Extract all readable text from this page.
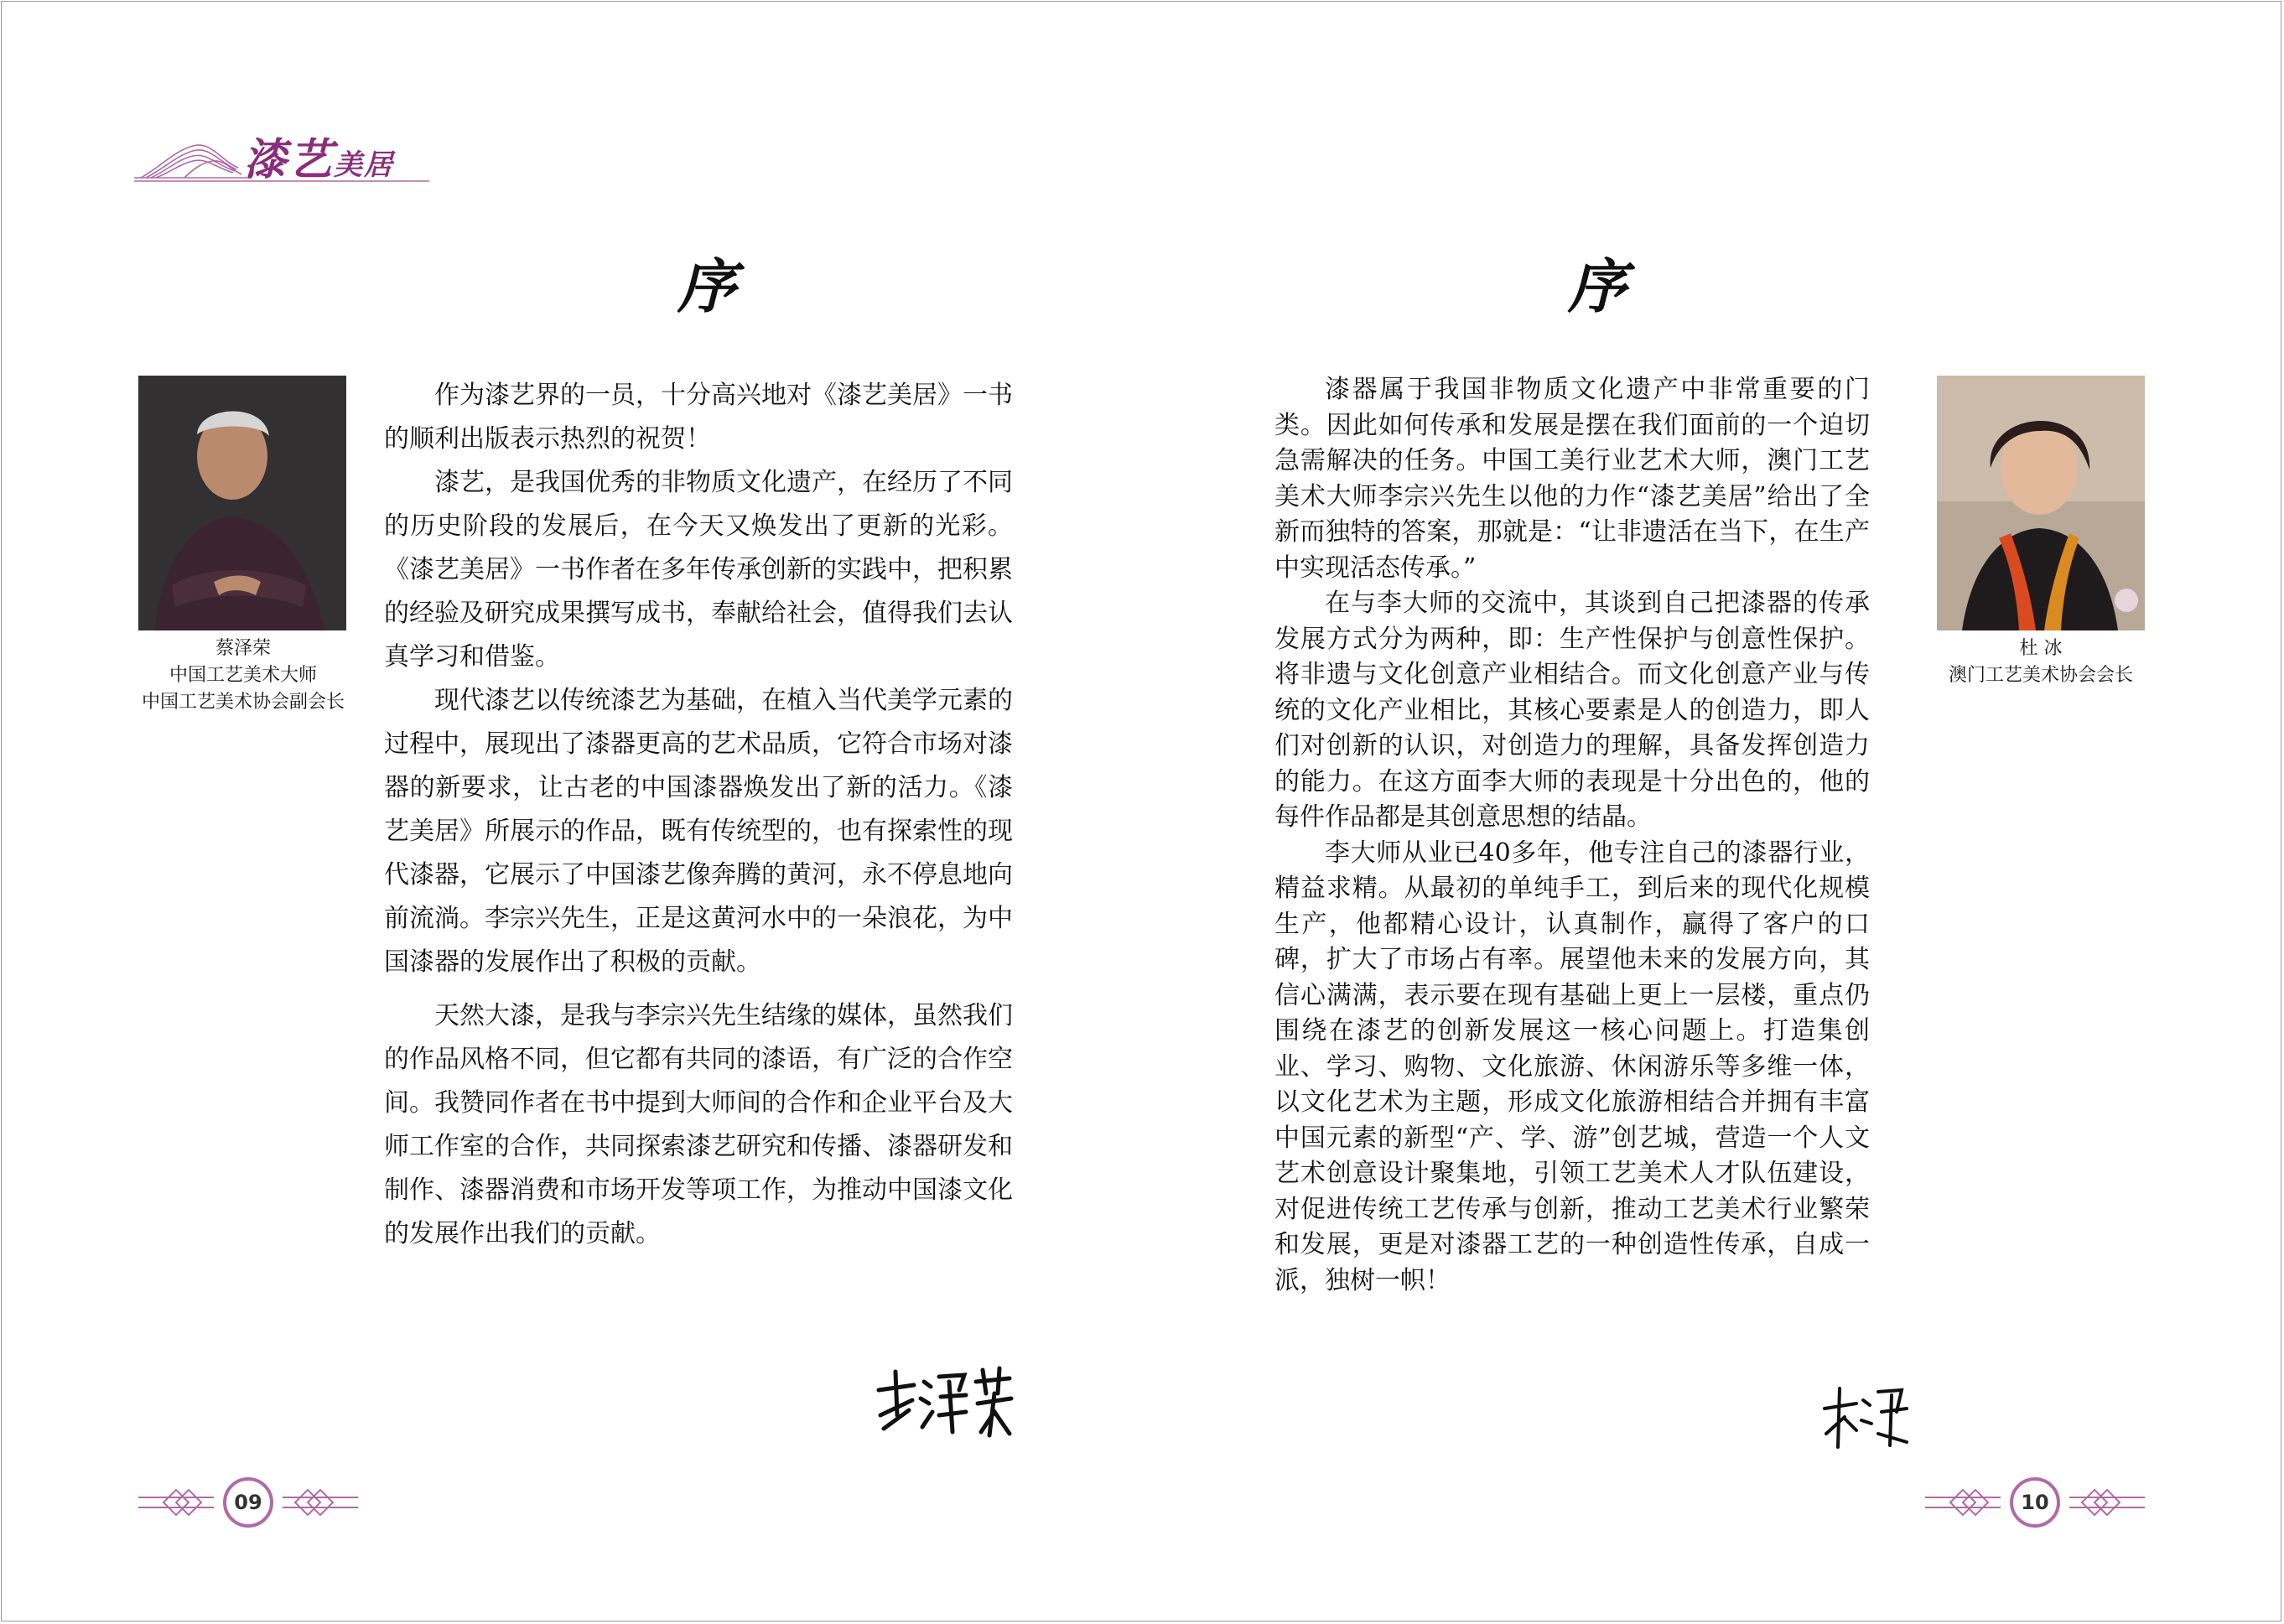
漆艺美居
序
蔡泽荣
中国工艺美术大师
中国工艺美术协会副会长

作为漆艺界的一员，十分高兴地对《漆艺美居》一书的顺利出版表示热烈的祝贺！

漆艺，是我国优秀的非物质文化遗产，在经历了不同的历史阶段的发展后，在今天又焕发出了更新的光彩。《漆艺美居》一书作者在多年传承创新的实践中，把积累的经验及研究成果撰写成书，奉献给社会，值得我们去认真学习和借鉴。

现代漆艺以传统漆艺为基础，在植入当代美学元素的过程中，展现出了漆器更高的艺术品质，它符合市场对漆器的新要求，让古老的中国漆器焕发出了新的活力。《漆艺美居》所展示的作品，既有传统型的，也有探索性的现代漆器，它展示了中国漆艺像奔腾的黄河，永不停息地向前流淌。李宗兴先生，正是这黄河水中的一朵浪花，为中国漆器的发展作出了积极的贡献。

天然大漆，是我与李宗兴先生结缘的媒体，虽然我们的作品风格不同，但它都有共同的漆语，有广泛的合作空间。我赞同作者在书中提到大师间的合作和企业平台及大师工作室的合作，共同探索漆艺研究和传播、漆器研发和制作、漆器消费和市场开发等项工作，为推动中国漆文化的发展作出我们的贡献。

09
序

漆器属于我国非物质文化遗产中非常重要的门类。因此如何传承和发展是摆在我们面前的一个迫切急需解决的任务。中国工美行业艺术大师，澳门工艺美术大师李宗兴先生以他的力作“漆艺美居”给出了全新而独特的答案，那就是：“让非遗活在当下，在生产中实现活态传承。”

在与李大师的交流中，其谈到自己把漆器的传承发展方式分为两种，即：生产性保护与创意性保护。将非遗与文化创意产业相结合。而文化创意产业与传统的文化产业相比，其核心要素是人的创造力，即人们对创新的认识，对创造力的理解，具备发挥创造力的能力。在这方面李大师的表现是十分出色的，他的每件作品都是其创意思想的结晶。

李大师从业已40多年，他专注自己的漆器行业，精益求精。从最初的单纯手工，到后来的现代化规模生产，他都精心设计，认真制作，赢得了客户的口碑，扩大了市场占有率。展望他未来的发展方向，其信心满满，表示要在现有基础上更上一层楼，重点仍围绕在漆艺的创新发展这一核心问题上。打造集创业、学习、购物、文化旅游、休闲游乐等多维一体，以文化艺术为主题，形成文化旅游相结合并拥有丰富中国元素的新型“产、学、游”创艺城，营造一个人文艺术创意设计聚集地，引领工艺美术人才队伍建设，对促进传统工艺传承与创新，推动工艺美术行业繁荣和发展，更是对漆器工艺的一种创造性传承，自成一派，独树一帜！

杜 冰
澳门工艺美术协会会长
10
